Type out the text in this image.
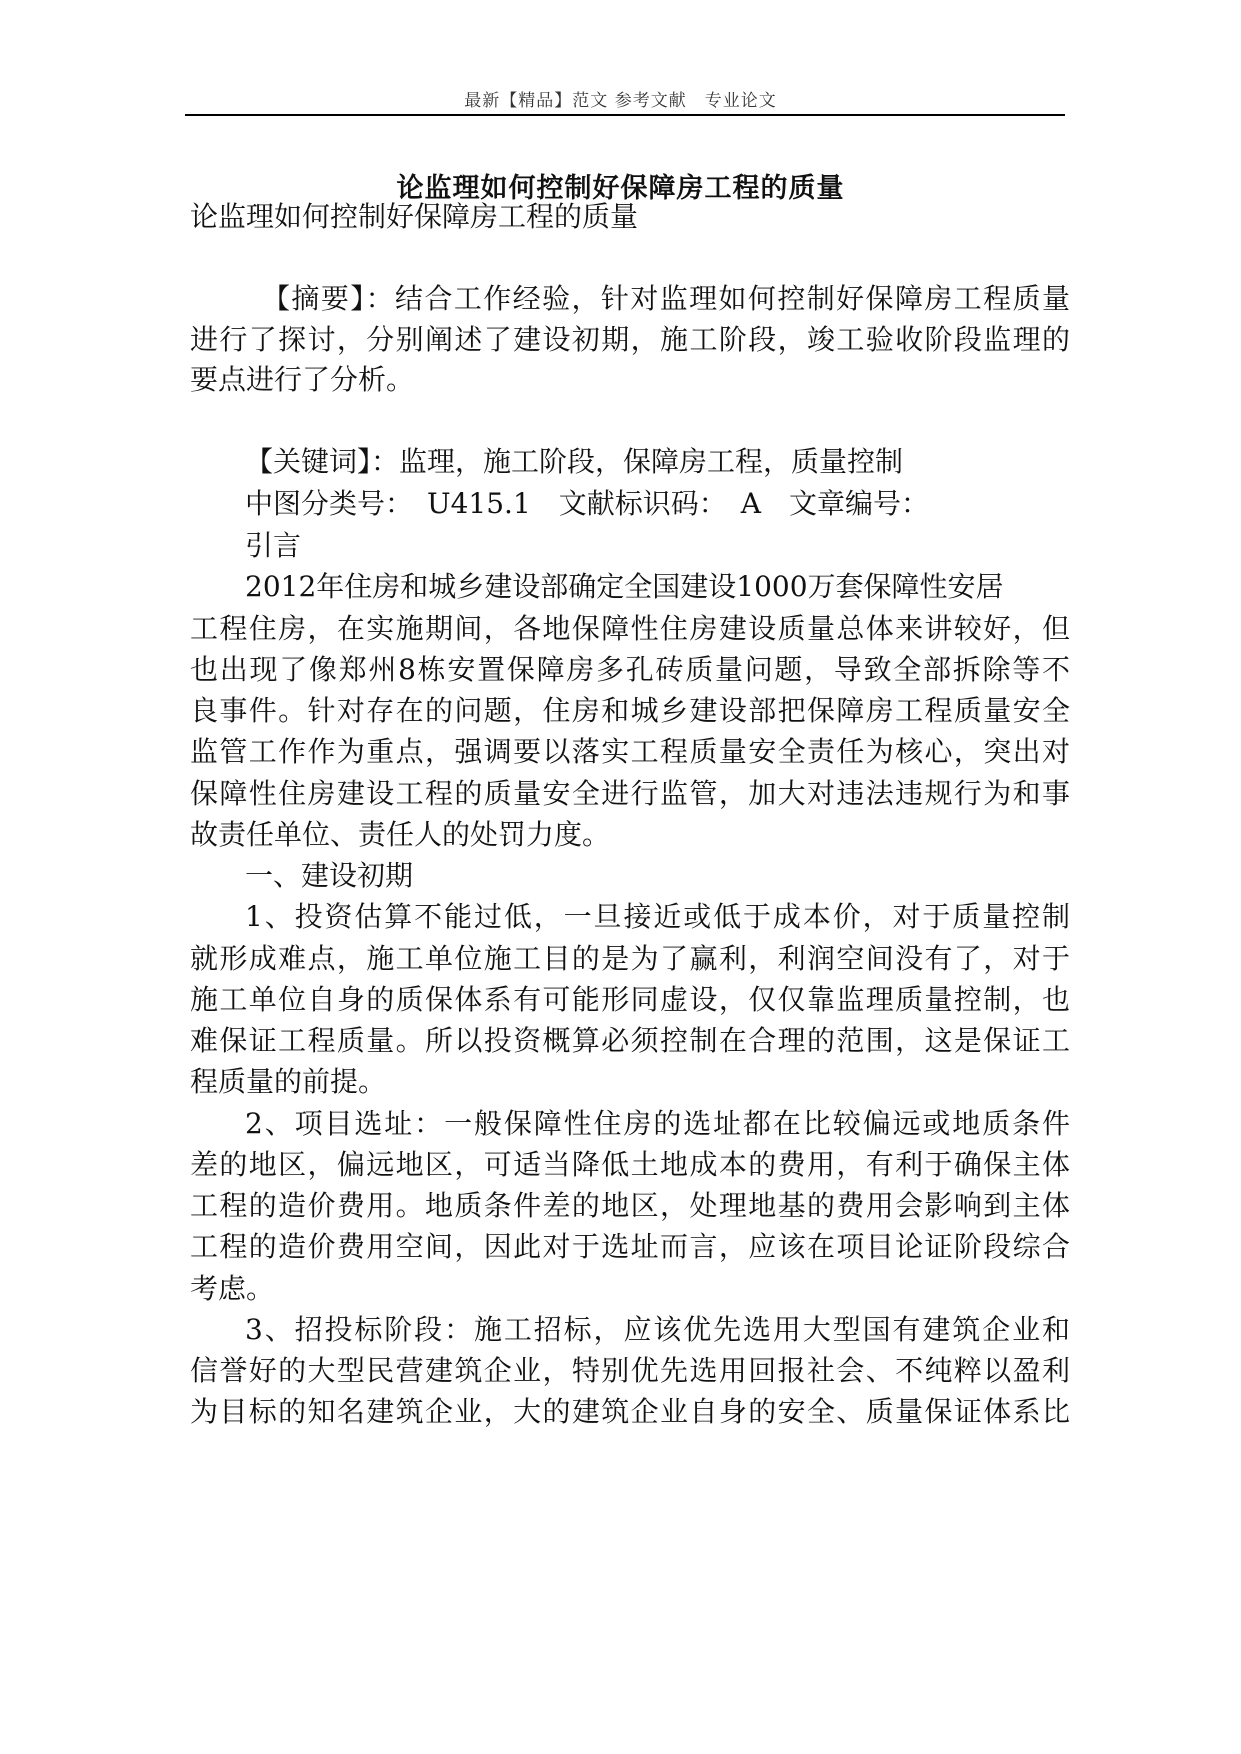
最新【精品】范文 参考文献　专业论文
论监理如何控制好保障房工程的质量
论监理如何控制好保障房工程的质量
【摘要】：结合工作经验，针对监理如何控制好保障房工程质量
进行了探讨，分别阐述了建设初期，施工阶段，竣工验收阶段监理的
要点进行了分析。
【关键词】：监理，施工阶段，保障房工程，质量控制
中图分类号：　U415.1　文献标识码：　A　文章编号：
引言
2012年住房和城乡建设部确定全国建设1000万套保障性安居
工程住房，在实施期间，各地保障性住房建设质量总体来讲较好，但
也出现了像郑州8栋安置保障房多孔砖质量问题，导致全部拆除等不
良事件。针对存在的问题，住房和城乡建设部把保障房工程质量安全
监管工作作为重点，强调要以落实工程质量安全责任为核心，突出对
保障性住房建设工程的质量安全进行监管，加大对违法违规行为和事
故责任单位、责任人的处罚力度。
一、建设初期
1、投资估算不能过低，一旦接近或低于成本价，对于质量控制
就形成难点，施工单位施工目的是为了赢利，利润空间没有了，对于
施工单位自身的质保体系有可能形同虚设，仅仅靠监理质量控制，也
难保证工程质量。所以投资概算必须控制在合理的范围，这是保证工
程质量的前提。
2、项目选址：一般保障性住房的选址都在比较偏远或地质条件
差的地区，偏远地区，可适当降低土地成本的费用，有利于确保主体
工程的造价费用。地质条件差的地区，处理地基的费用会影响到主体
工程的造价费用空间，因此对于选址而言，应该在项目论证阶段综合
考虑。
3、招投标阶段：施工招标，应该优先选用大型国有建筑企业和
信誉好的大型民营建筑企业，特别优先选用回报社会、不纯粹以盈利
为目标的知名建筑企业，大的建筑企业自身的安全、质量保证体系比
